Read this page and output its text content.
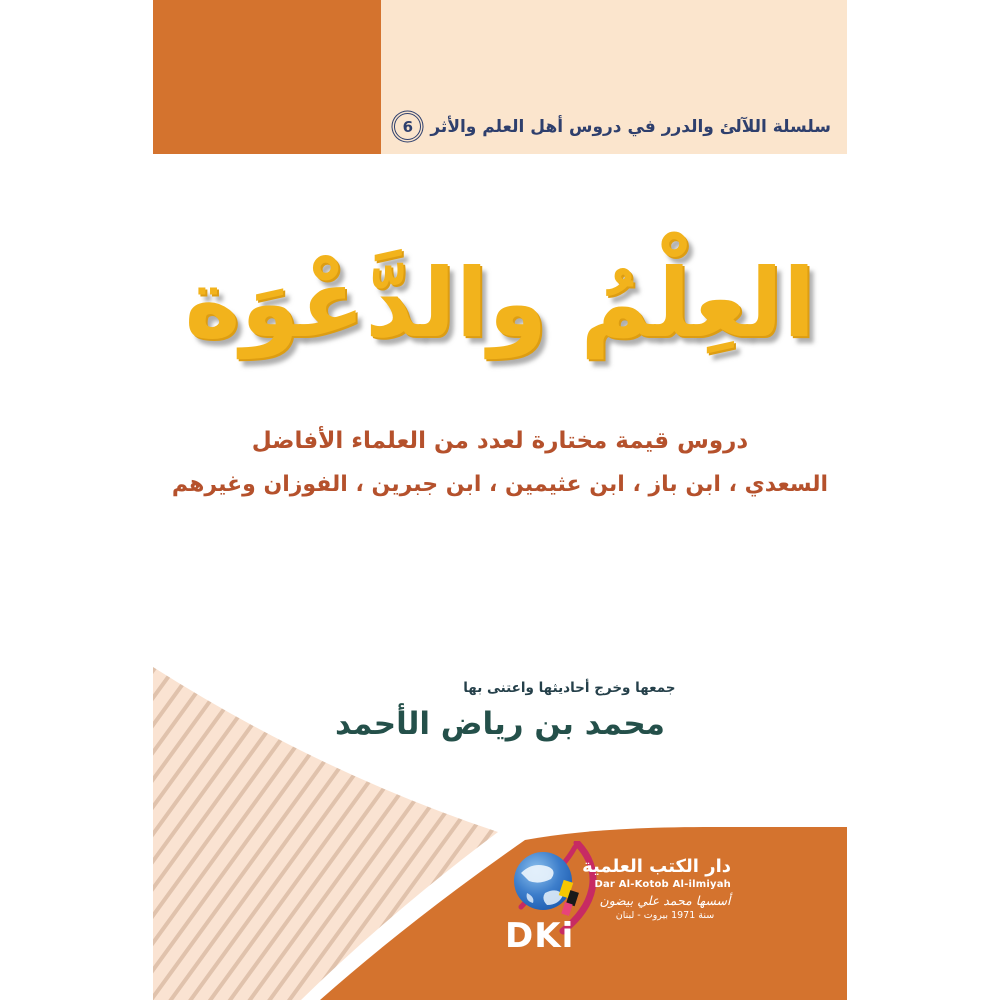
سلسلة اللآلئ والدرر في دروس أهل العلم والأثر
6
العِلْمُ والدَّعْوَة
دروس قيمة مختارة لعدد من العلماء الأفاضل
السعدي ، ابن باز ، ابن عثيمين ، ابن جبرين ، الفوزان وغيرهم
جمعها وخرج أحاديثها واعتنى بها
محمد بن رياض الأحمد
DKi
دار الكتب العلمية
Dar Al-Kotob Al-ilmiyah
أسسها محمد علي بيضون
سنة 1971 بيروت - لبنان
